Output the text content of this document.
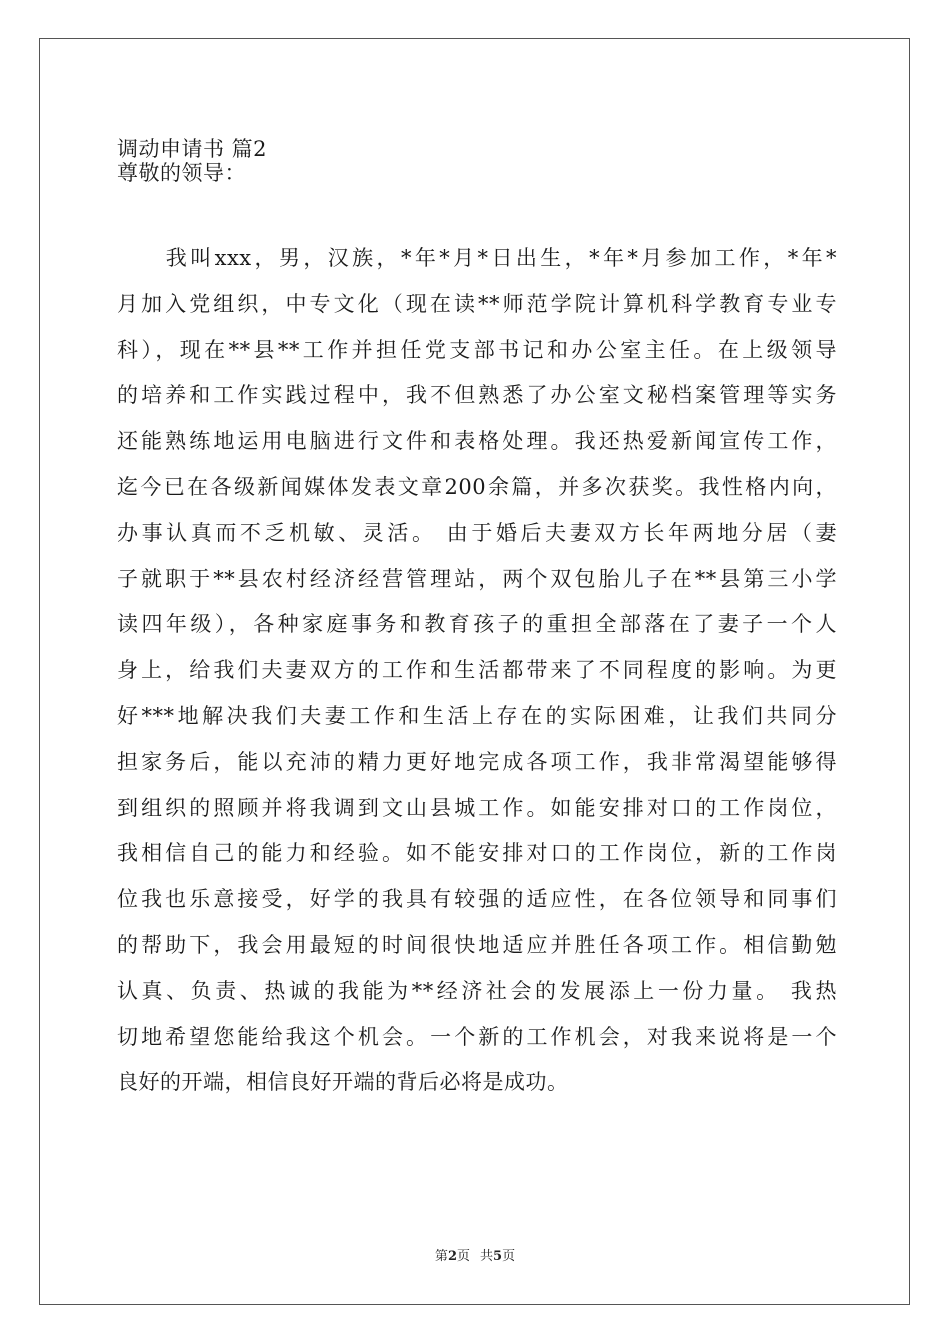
调动申请书 篇2
尊敬的领导：
　　我叫xxx，男，汉族，*年*月*日出生，*年*月参加工作，*年*
月加入党组织，中专文化（现在读**师范学院计算机科学教育专业专
科），现在**县**工作并担任党支部书记和办公室主任。在上级领导
的培养和工作实践过程中，我不但熟悉了办公室文秘档案管理等实务
还能熟练地运用电脑进行文件和表格处理。我还热爱新闻宣传工作，
迄今已在各级新闻媒体发表文章200余篇，并多次获奖。我性格内向，
办事认真而不乏机敏、灵活。 由于婚后夫妻双方长年两地分居（妻
子就职于**县农村经济经营管理站，两个双包胎儿子在**县第三小学
读四年级），各种家庭事务和教育孩子的重担全部落在了妻子一个人
身上，给我们夫妻双方的工作和生活都带来了不同程度的影响。为更
好***地解决我们夫妻工作和生活上存在的实际困难，让我们共同分
担家务后，能以充沛的精力更好地完成各项工作，我非常渴望能够得
到组织的照顾并将我调到文山县城工作。如能安排对口的工作岗位，
我相信自己的能力和经验。如不能安排对口的工作岗位，新的工作岗
位我也乐意接受，好学的我具有较强的适应性，在各位领导和同事们
的帮助下，我会用最短的时间很快地适应并胜任各项工作。相信勤勉
认真、负责、热诚的我能为**经济社会的发展添上一份力量。 我热
切地希望您能给我这个机会。一个新的工作机会，对我来说将是一个
良好的开端，相信良好开端的背后必将是成功。
第2页 共5页
